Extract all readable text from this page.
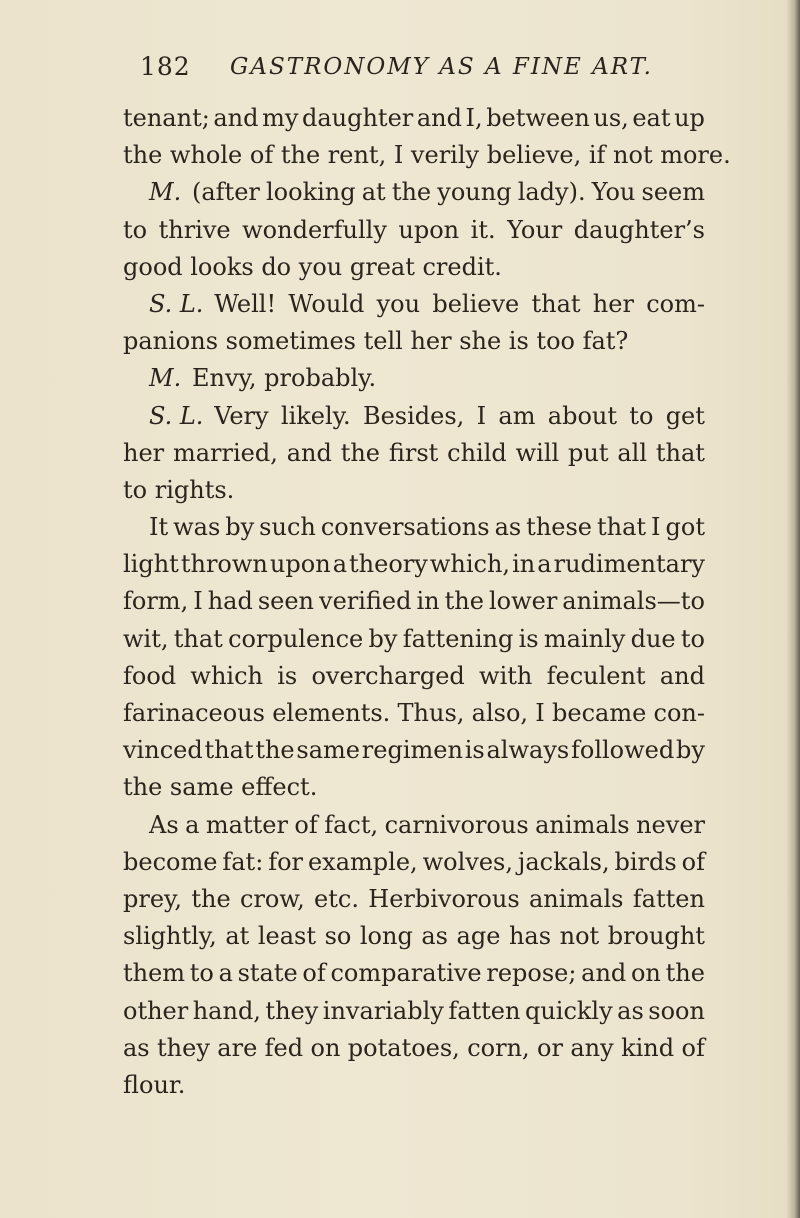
182 GASTRONOMY AS A FINE ART.
tenant; and my daughter and I, between us, eat up
the whole of the rent, I verily believe, if not more.
M. (after looking at the young lady). You seem
to thrive wonderfully upon it. Your daughter’s
good looks do you great credit.
S. L. Well! Would you believe that her com-
panions sometimes tell her she is too fat?
M. Envy, probably.
S. L. Very likely. Besides, I am about to get
her married, and the first child will put all that
to rights.
It was by such conversations as these that I got
light thrown upon a theory which, in a rudimentary
form, I had seen verified in the lower animals—to
wit, that corpulence by fattening is mainly due to
food which is overcharged with feculent and
farinaceous elements. Thus, also, I became con-
vinced that the same regimen is always followed by
the same effect.
As a matter of fact, carnivorous animals never
become fat: for example, wolves, jackals, birds of
prey, the crow, etc. Herbivorous animals fatten
slightly, at least so long as age has not brought
them to a state of comparative repose; and on the
other hand, they invariably fatten quickly as soon
as they are fed on potatoes, corn, or any kind of
flour.
